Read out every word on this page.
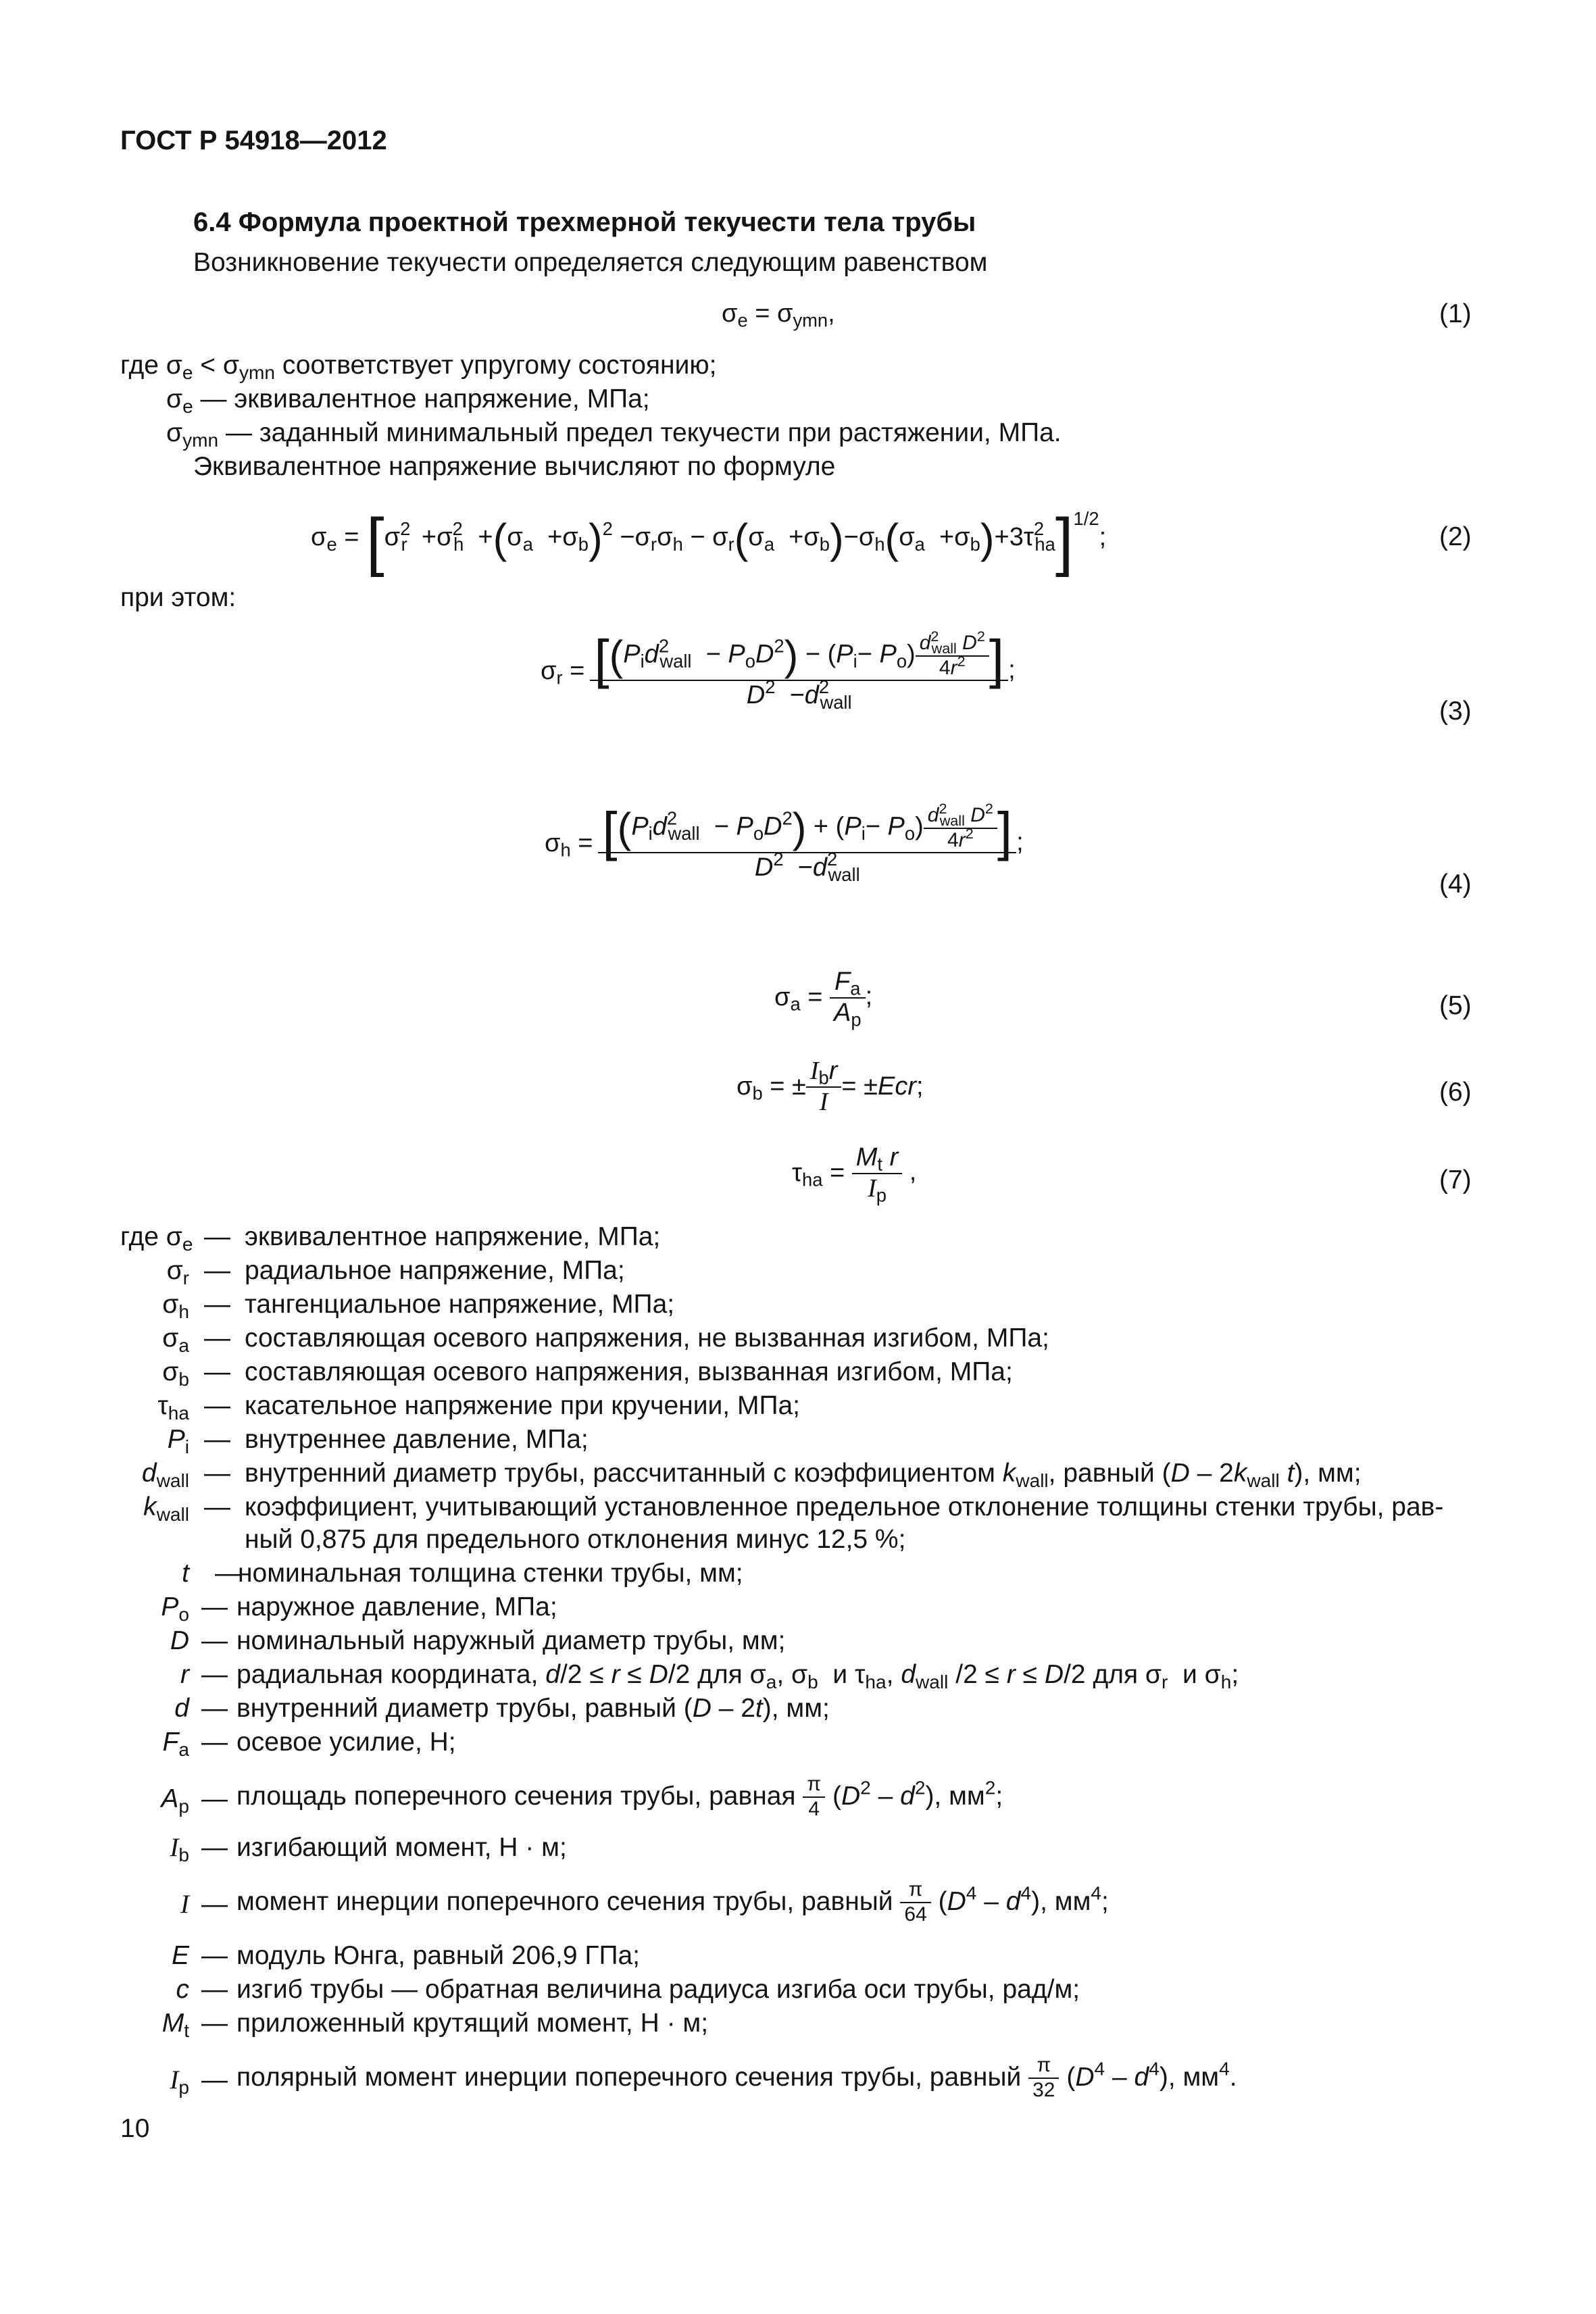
ГОСТ Р 54918—2012
6.4 Формула проектной трехмерной текучести тела трубы
Возникновение текучести определяется следующим равенством
$\sigma_e = \sigma_{ymn}$,	(1)
где $\sigma_e < \sigma_{ymn}$ соответствует упругому состоянию;
$\sigma_e$ — эквивалентное напряжение, МПа;
$\sigma_{ymn}$ — заданный минимальный предел текучести при растяжении, МПа.
Эквивалентное напряжение вычисляют по формуле
$\sigma_e = [\sigma^2_r +\sigma^2_h +(\sigma_a +\sigma_b)^2 -\sigma_r\sigma_h - \sigma_r(\sigma_a +\sigma_b)-\sigma_h(\sigma_a +\sigma_b)+3\tau^2_{ha}]^{1/2}$;	(2)
при этом:
$\sigma_r = \frac{[(P_id^2_{wall} - P_oD^2) - (P_i- P_o) \frac{d^2_{wall} D^2}{4r^2} ]}{D^2 -d^2_{wall}}$ ;
(3)
$\sigma_h = \frac{[(P_id^2_{wall} - P_oD^2) + (P_i- P_o) \frac{d^2_{wall} D^2}{4r^2} ]}{D^2 -d^2_{wall}}$ ;
(4)
$\sigma_a = \frac{F_a}{A_p}$ ;	(5)
$\sigma_b$ = ± $\frac{I_br}{I} = \pm Ecr$;	(6)
$\tau_{ha} = \frac{M_t r}{I_p}$ ,	(7)
где $\sigma_e$ — эквивалентное напряжение, МПа;
$\sigma_r$ — радиальное напряжение, МПа;
$\sigma_h$ — тангенциальное напряжение, МПа;
$\sigma_a$ — составляющая осевого напряжения, не вызванная изгибом, МПа;
$\sigma_b$ — составляющая осевого напряжения, вызванная изгибом, МПа;
$\tau_{ha}$ — касательное напряжение при кручении, МПа;
$P_i$ — внутреннее давление, МПа;
$d_{wall}$ — внутренний диаметр трубы, рассчитанный с коэффициентом $k_{wall}$, равный ($D - 2k_{wall}$ t), мм;
$k_{wall}$ — коэффициент, учитывающий установленное предельное отклонение толщины стенки трубы, рав-
ный 0,875 для предельного отклонения минус 12,5 %;
t —
номинальная толщина стенки трубы, мм;
$P_o$ — наружное давление, МПа;
D — номинальный наружный диаметр трубы, мм;
r — радиальная координата, d/2 ≤ r ≤ D/2 для $\sigma_a$, $\sigma_b$  и $\tau_{ha}$, $d_{wall}$ /2 ≤ r ≤ D/2 для $\sigma_r$  и $\sigma_h$;
d — внутренний диаметр трубы, равный (D – 2t), мм;
$F_a$ — осевое усилие, Н;
$A_p$ — площадь поперечного сечения трубы, равная $\frac{\pi}{4} (D^2 - d^2)$, $мм^2$;
$I_b$ — изгибающий момент, Н · м;
I — момент инерции поперечного сечения трубы, равный $\frac{\pi}{64} (D^4 - d^4)$, $мм^4$;
E — модуль Юнга, равный 206,9 ГПа;
c — изгиб трубы — обратная величина радиуса изгиба оси трубы, рад/м;
$M_t$ — приложенный крутящий момент, Н · м;
$I_p$ — полярный момент инерции поперечного сечения трубы, равный $\frac{\pi}{32} (D^4 - d^4)$, $мм^4$.
10
